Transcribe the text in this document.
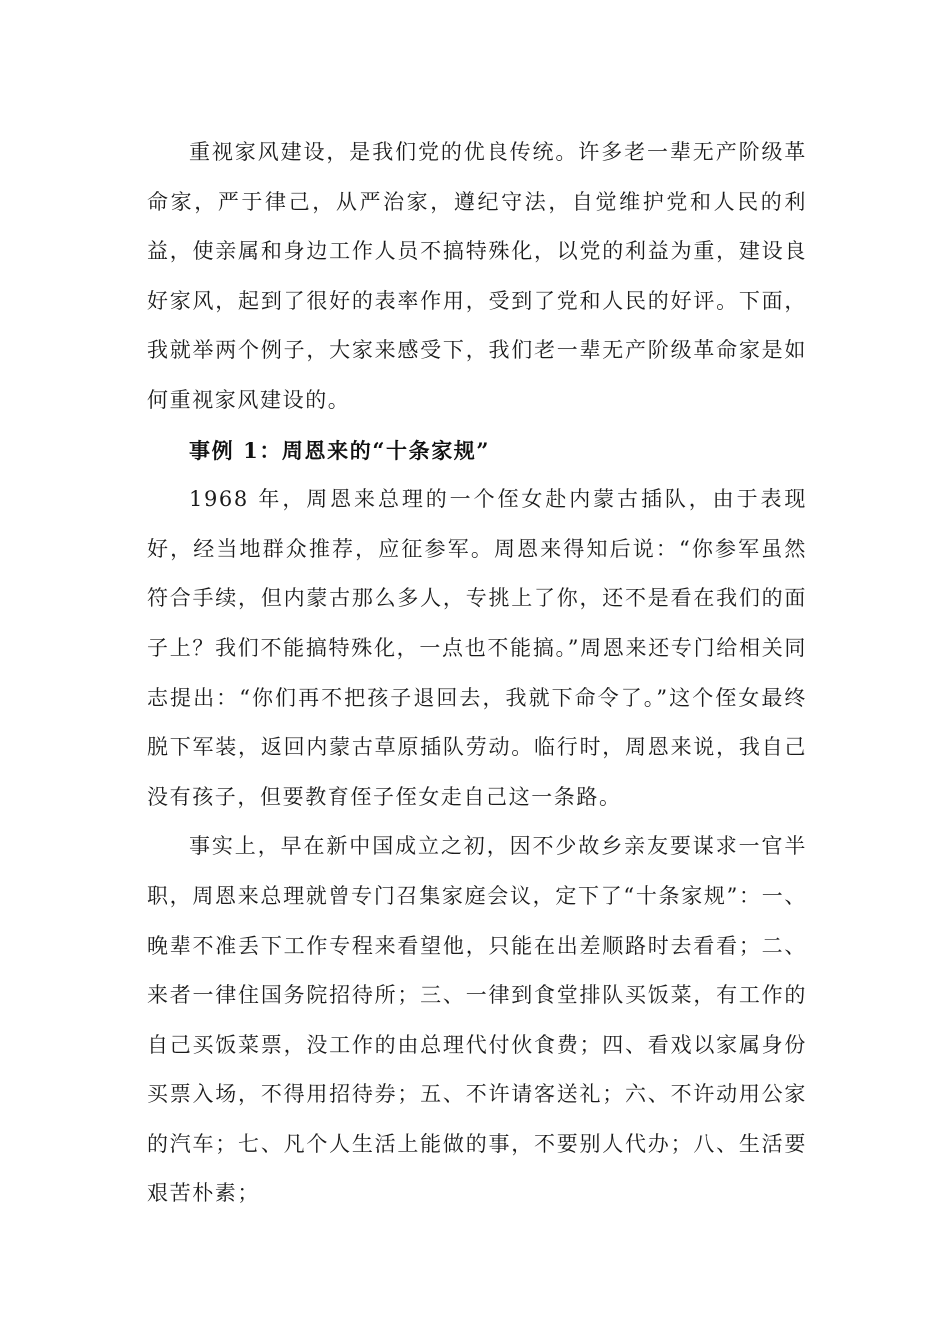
重视家风建设，是我们党的优良传统。许多老一辈无产阶级革命家，严于律己，从严治家，遵纪守法，自觉维护党和人民的利益，使亲属和身边工作人员不搞特殊化，以党的利益为重，建设良好家风，起到了很好的表率作用，受到了党和人民的好评。下面，我就举两个例子，大家来感受下，我们老一辈无产阶级革命家是如何重视家风建设的。

事例 1：周恩来的“十条家规”

1968 年，周恩来总理的一个侄女赴内蒙古插队，由于表现好，经当地群众推荐，应征参军。周恩来得知后说：“你参军虽然符合手续，但内蒙古那么多人，专挑上了你，还不是看在我们的面子上？我们不能搞特殊化，一点也不能搞。”周恩来还专门给相关同志提出：“你们再不把孩子退回去，我就下命令了。”这个侄女最终脱下军装，返回内蒙古草原插队劳动。临行时，周恩来说，我自己没有孩子，但要教育侄子侄女走自己这一条路。

事实上，早在新中国成立之初，因不少故乡亲友要谋求一官半职，周恩来总理就曾专门召集家庭会议，定下了“十条家规”：一、晚辈不准丢下工作专程来看望他，只能在出差顺路时去看看；二、来者一律住国务院招待所；三、一律到食堂排队买饭菜，有工作的自己买饭菜票，没工作的由总理代付伙食费；四、看戏以家属身份买票入场，不得用招待券；五、不许请客送礼；六、不许动用公家的汽车；七、凡个人生活上能做的事，不要别人代办；八、生活要艰苦朴素；
